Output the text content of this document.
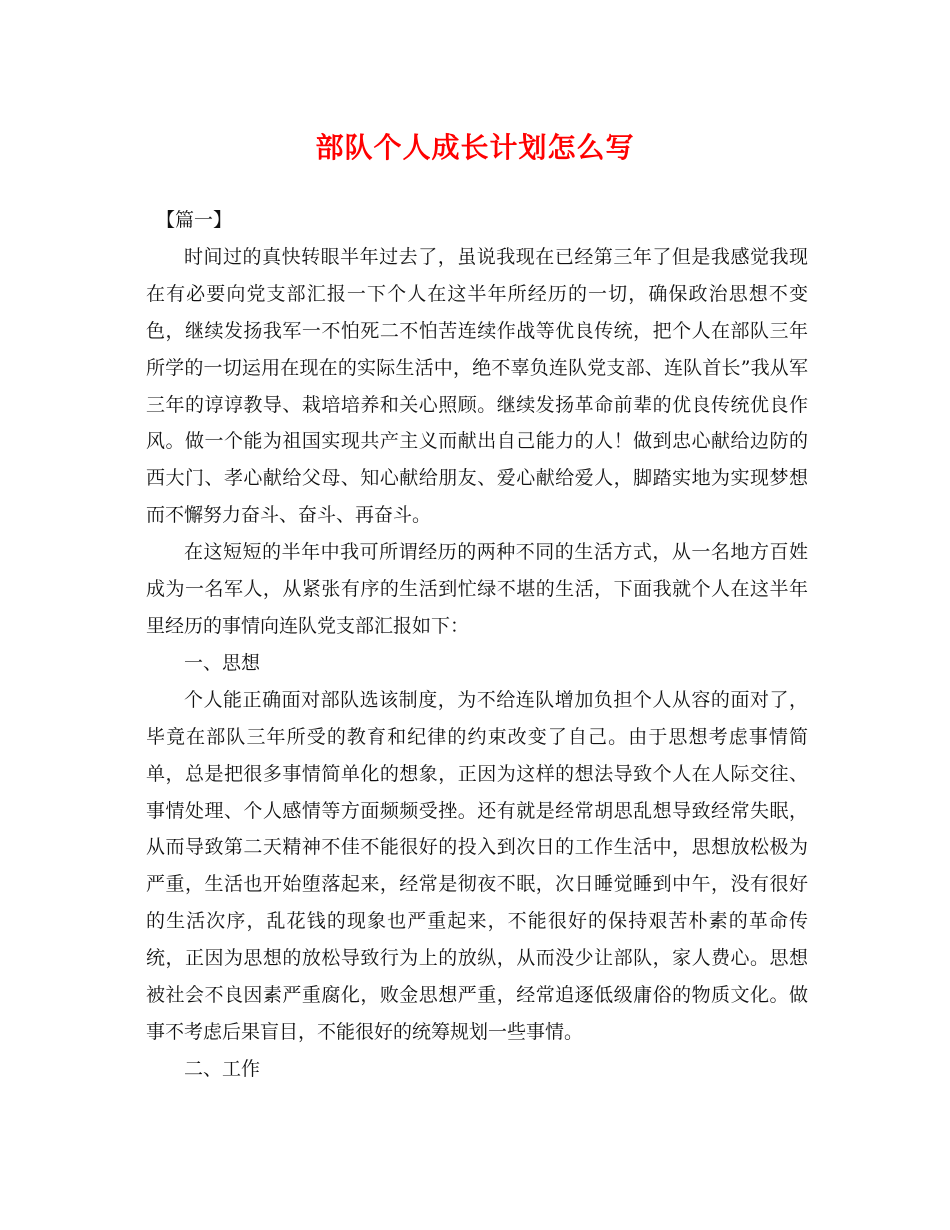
部队个人成长计划怎么写

【篇一】

时间过的真快转眼半年过去了，虽说我现在已经第三年了但是我感觉我现在有必要向党支部汇报一下个人在这半年所经历的一切，确保政治思想不变色，继续发扬我军一不怕死二不怕苦连续作战等优良传统，把个人在部队三年所学的一切运用在现在的实际生活中，绝不辜负连队党支部、连队首长”我从军三年的谆谆教导、栽培培养和关心照顾。继续发扬革命前辈的优良传统优良作风。做一个能为祖国实现共产主义而献出自己能力的人！做到忠心献给边防的西大门、孝心献给父母、知心献给朋友、爱心献给爱人，脚踏实地为实现梦想而不懈努力奋斗、奋斗、再奋斗。

在这短短的半年中我可所谓经历的两种不同的生活方式，从一名地方百姓成为一名军人，从紧张有序的生活到忙绿不堪的生活，下面我就个人在这半年里经历的事情向连队党支部汇报如下：

一、思想

个人能正确面对部队选该制度，为不给连队增加负担个人从容的面对了，毕竟在部队三年所受的教育和纪律的约束改变了自己。由于思想考虑事情简单，总是把很多事情简单化的想象，正因为这样的想法导致个人在人际交往、事情处理、个人感情等方面频频受挫。还有就是经常胡思乱想导致经常失眠，从而导致第二天精神不佳不能很好的投入到次日的工作生活中，思想放松极为严重，生活也开始堕落起来，经常是彻夜不眠，次日睡觉睡到中午，没有很好的生活次序，乱花钱的现象也严重起来，不能很好的保持艰苦朴素的革命传统，正因为思想的放松导致行为上的放纵，从而没少让部队，家人费心。思想被社会不良因素严重腐化，败金思想严重，经常追逐低级庸俗的物质文化。做事不考虑后果盲目，不能很好的统筹规划一些事情。

二、工作
